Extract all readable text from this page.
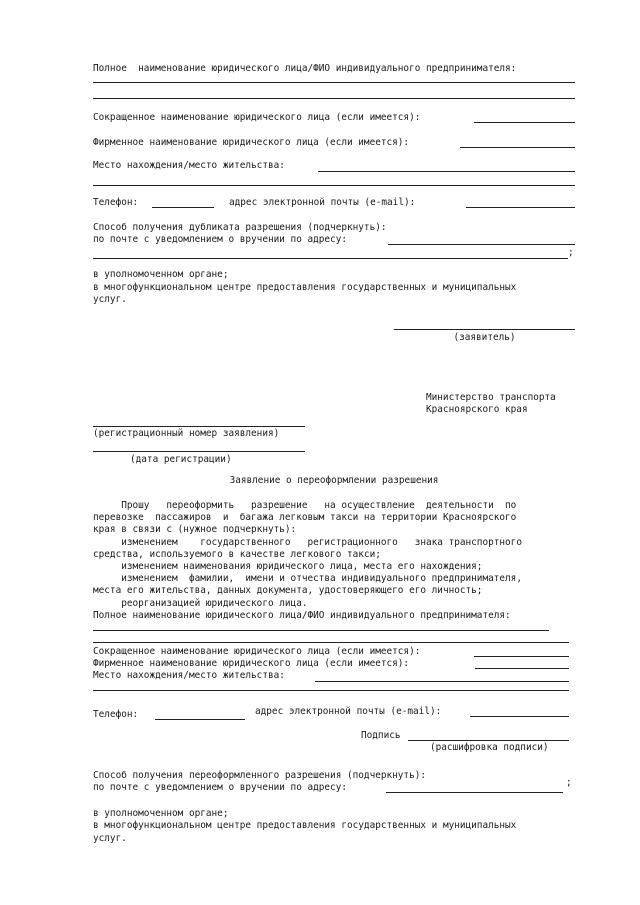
Полное  наименование юридического лица/ФИО индивидуального предпринимателя:
Сокращенное наименование юридического лица (если имеется):
Фирменное наименование юридического лица (если имеется):
Место нахождения/место жительства:
Телефон:	адрес электронной почты (e-mail):
Способ получения дубликата разрешения (подчеркнуть):
по почте с уведомлением о вручении по адресу:
;
в уполномоченном органе;
в многофункциональном центре предоставления государственных и муниципальных
услуг.
(заявитель)
Министерство транспорта
Красноярского края
(регистрационный номер заявления)
(дата регистрации)
Заявление о переоформлении разрешения
Прошу   переоформить   разрешение   на осуществление  деятельности  по
перевозке  пассажиров  и  багажа легковым такси на территории Красноярского
края в связи с (нужное подчеркнуть):
изменением    государственного   регистрационного   знака транспортного
средства, используемого в качестве легкового такси;
изменением наименования юридического лица, места его нахождения;
изменением  фамилии,  имени и отчества индивидуального предпринимателя,
места его жительства, данных документа, удостоверяющего его личность;
реорганизацией юридического лица.
Полное наименование юридического лица/ФИО индивидуального предпринимателя:
Сокращенное наименование юридического лица (если имеется):
Фирменное наименование юридического лица (если имеется):
Место нахождения/место жительства:
Телефон:	адрес электронной почты (e-mail):
Подпись
(расшифровка подписи)
Способ получения переоформленного разрешения (подчеркнуть):
по почте с уведомлением о вручении по адресу:	;
в уполномоченном органе;
в многофункциональном центре предоставления государственных и муниципальных
услуг.
